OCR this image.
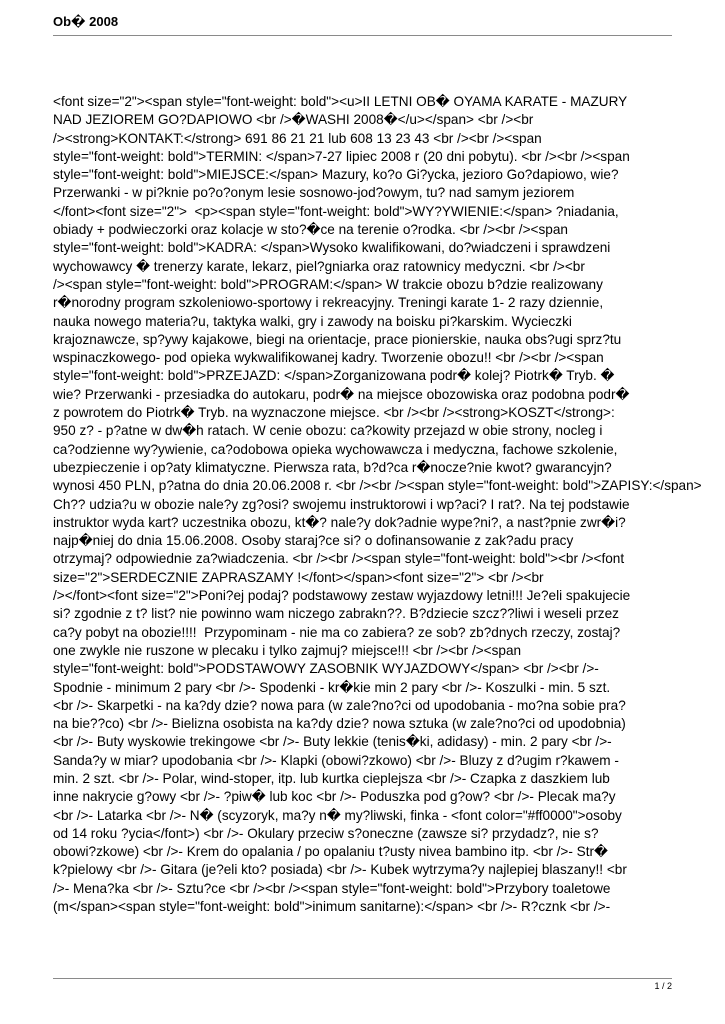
Ob� 2008
<font size="2"><span style="font-weight: bold"><u>II LETNI OB� OYAMA KARATE - MAZURY
NAD JEZIOREM GO?DAPIOWO <br />�WASHI 2008�</u></span> <br /><br
/><strong>KONTAKT:</strong> 691 86 21 21 lub 608 13 23 43 <br /><br /><span
style="font-weight: bold">TERMIN: </span>7-27 lipiec 2008 r (20 dni pobytu). <br /><br /><span
style="font-weight: bold">MIEJSCE:</span> Mazury, ko?o Gi?ycka, jezioro Go?dapiowo, wie?
Przerwanki - w pi?knie po?o?onym lesie sosnowo-jod?owym, tu? nad samym jeziorem
</font><font size="2">  <p><span style="font-weight: bold">WY?YWIENIE:</span> ?niadania,
obiady + podwieczorki oraz kolacje w sto?�ce na terenie o?rodka. <br /><br /><span
style="font-weight: bold">KADRA: </span>Wysoko kwalifikowani, do?wiadczeni i sprawdzeni
wychowawcy � trenerzy karate, lekarz, piel?gniarka oraz ratownicy medyczni. <br /><br
/><span style="font-weight: bold">PROGRAM:</span> W trakcie obozu b?dzie realizowany
r�norodny program szkoleniowo-sportowy i rekreacyjny. Treningi karate 1- 2 razy dziennie,
nauka nowego materia?u, taktyka walki, gry i zawody na boisku pi?karskim. Wycieczki
krajoznawcze, sp?ywy kajakowe, biegi na orientacje, prace pionierskie, nauka obs?ugi sprz?tu
wspinaczkowego- pod opieka wykwalifikowanej kadry. Tworzenie obozu!! <br /><br /><span
style="font-weight: bold">PRZEJAZD: </span>Zorganizowana podr� kolej? Piotrk� Tryb. �
wie? Przerwanki - przesiadka do autokaru, podr� na miejsce obozowiska oraz podobna podr�
z powrotem do Piotrk� Tryb. na wyznaczone miejsce. <br /><br /><strong>KOSZT</strong>:
950 z? - p?atne w dw�h ratach. W cenie obozu: ca?kowity przejazd w obie strony, nocleg i
ca?odzienne wy?ywienie, ca?odobowa opieka wychowawcza i medyczna, fachowe szkolenie,
ubezpieczenie i op?aty klimatyczne. Pierwsza rata, b?d?ca r�nocze?nie kwot? gwarancyjn?
wynosi 450 PLN, p?atna do dnia 20.06.2008 r. <br /><br /><span style="font-weight: bold">ZAPISY:</span>
Ch?? udzia?u w obozie nale?y zg?osi? swojemu instruktorowi i wp?aci? I rat?. Na tej podstawie
instruktor wyda kart? uczestnika obozu, kt�? nale?y dok?adnie wype?ni?, a nast?pnie zwr�i?
najp�niej do dnia 15.06.2008. Osoby staraj?ce si? o dofinansowanie z zak?adu pracy
otrzymaj? odpowiednie za?wiadczenia. <br /><br /><span style="font-weight: bold"><br /><font
size="2">SERDECZNIE ZAPRASZAMY !</font></span><font size="2"> <br /><br
/></font><font size="2">Poni?ej podaj? podstawowy zestaw wyjazdowy letni!!! Je?eli spakujecie
si? zgodnie z t? list? nie powinno wam niczego zabrakn??. B?dziecie szcz??liwi i weseli przez
ca?y pobyt na obozie!!!!  Przypominam - nie ma co zabiera? ze sob? zb?dnych rzeczy, zostaj?
one zwykle nie ruszone w plecaku i tylko zajmuj? miejsce!!! <br /><br /><span
style="font-weight: bold">PODSTAWOWY ZASOBNIK WYJAZDOWY</span> <br /><br />-
Spodnie - minimum 2 pary <br />- Spodenki - kr�kie min 2 pary <br />- Koszulki - min. 5 szt.
<br />- Skarpetki - na ka?dy dzie? nowa para (w zale?no?ci od upodobania - mo?na sobie pra?
na bie??co) <br />- Bielizna osobista na ka?dy dzie? nowa sztuka (w zale?no?ci od upodobnia)
<br />- Buty wyskowie trekingowe <br />- Buty lekkie (tenis�ki, adidasy) - min. 2 pary <br />-
Sanda?y w miar? upodobania <br />- Klapki (obowi?zkowo) <br />- Bluzy z d?ugim r?kawem -
min. 2 szt. <br />- Polar, wind-stoper, itp. lub kurtka cieplejsza <br />- Czapka z daszkiem lub
inne nakrycie g?owy <br />- ?piw� lub koc <br />- Poduszka pod g?ow? <br />- Plecak ma?y
<br />- Latarka <br />- N� (scyzoryk, ma?y n� my?liwski, finka - <font color="#ff0000">osoby
od 14 roku ?ycia</font>) <br />- Okulary przeciw s?oneczne (zawsze si? przydadz?, nie s?
obowi?zkowe) <br />- Krem do opalania / po opalaniu t?usty nivea bambino itp. <br />- Str�
k?pielowy <br />- Gitara (je?eli kto? posiada) <br />- Kubek wytrzyma?y najlepiej blaszany!! <br
/>- Mena?ka <br />- Sztu?ce <br /><br /><span style="font-weight: bold">Przybory toaletowe
(m</span><span style="font-weight: bold">inimum sanitarne):</span> <br />- R?cznk <br />-
1 / 2
